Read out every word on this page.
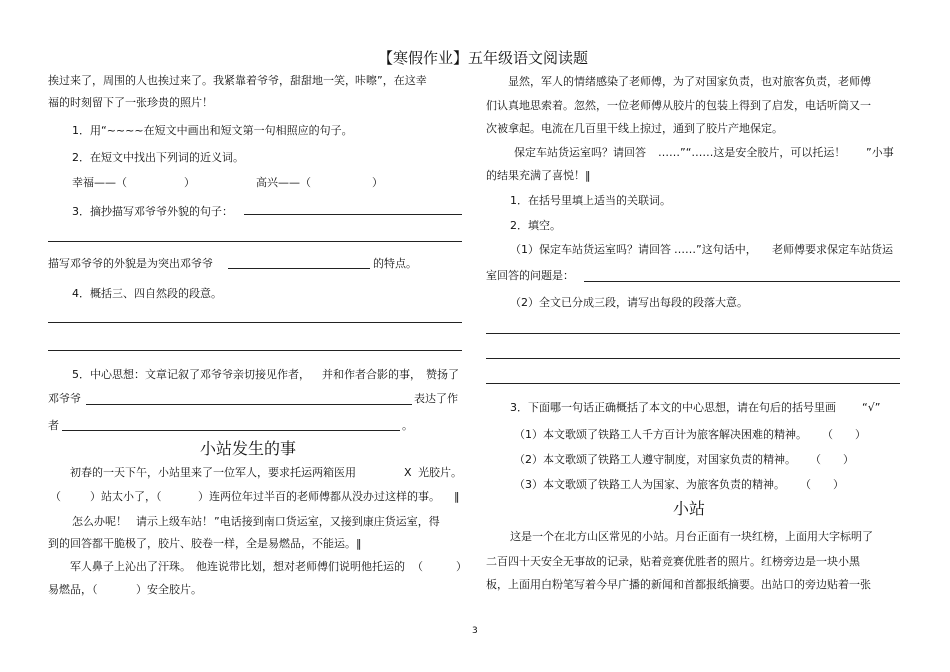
【寒假作业】五年级语文阅读题
挨过来了，周围的人也挨过来了。我紧靠着爷爷，甜甜地一笑， 咔嚓”，在这幸
福的时刻留下了一张珍贵的照片！
1．用“~~~~在短文中画出和短文第一句相照应的句子。
2．在短文中找出下列词的近义词。
幸福——（	）	高兴——（	）
3．摘抄描写邓爷爷外貌的句子：
描写邓爷爷的外貌是为突出邓爷爷	的特点。
4．概括三、四自然段的段意。
5．中心思想：文章记叙了邓爷爷亲切接见作者， 并和作者合影的事， 赞扬了
邓爷爷	表达了作
者	。
小站发生的事
初春的一天下午，小站里来了一位军人，要求托运两箱医用	X 光胶片。
（	）站太小了，（	）连两位年过半百的老师傅都从没办过这样的事。 ‖
怎么办呢！ 请示上级车站！ ”电话接到南口货运室，又接到康庄货运室，得
到的回答都干脆极了，胶片、胶卷一样，全是易燃品，不能运。‖
军人鼻子上沁出了汗珠。 他连说带比划，想对老师傅们说明他托运的 （	）
易燃品，（	）安全胶片。
显然，军人的情绪感染了老师傅，为了对国家负责，也对旅客负责，老师傅
们认真地思索着。忽然，一位老师傅从胶片的包装上得到了启发，电话听筒又一
次被拿起。电流在几百里干线上掠过，通到了胶片产地保定。
保定车站货运室吗？请回答 ……”“……这是安全胶片，可以托运！ ”小事
的结果充满了喜悦！‖
1．在括号里填上适当的关联词。
2．填空。
（1）保定车站货运室吗？请回答 ……”这句话中， 老师傅要求保定车站货运
室回答的问题是：
（2）全文已分成三段，请写出每段的段落大意。
3．下面哪一句话正确概括了本文的中心思想，请在句后的括号里画 “√”
（1）本文歌颂了铁路工人千方百计为旅客解决困难的精神。 （　　）
（2）本文歌颂了铁路工人遵守制度，对国家负责的精神。 （　　）
（3）本文歌颂了铁路工人为国家、为旅客负责的精神。 （　　）
小站
这是一个在北方山区常见的小站。月台正面有一块红榜，上面用大字标明了
二百四十天安全无事故的记录，贴着竞赛优胜者的照片。红榜旁边是一块小黑
板，上面用白粉笔写着今早广播的新闻和首都报纸摘要。出站口的旁边贴着一张
3
